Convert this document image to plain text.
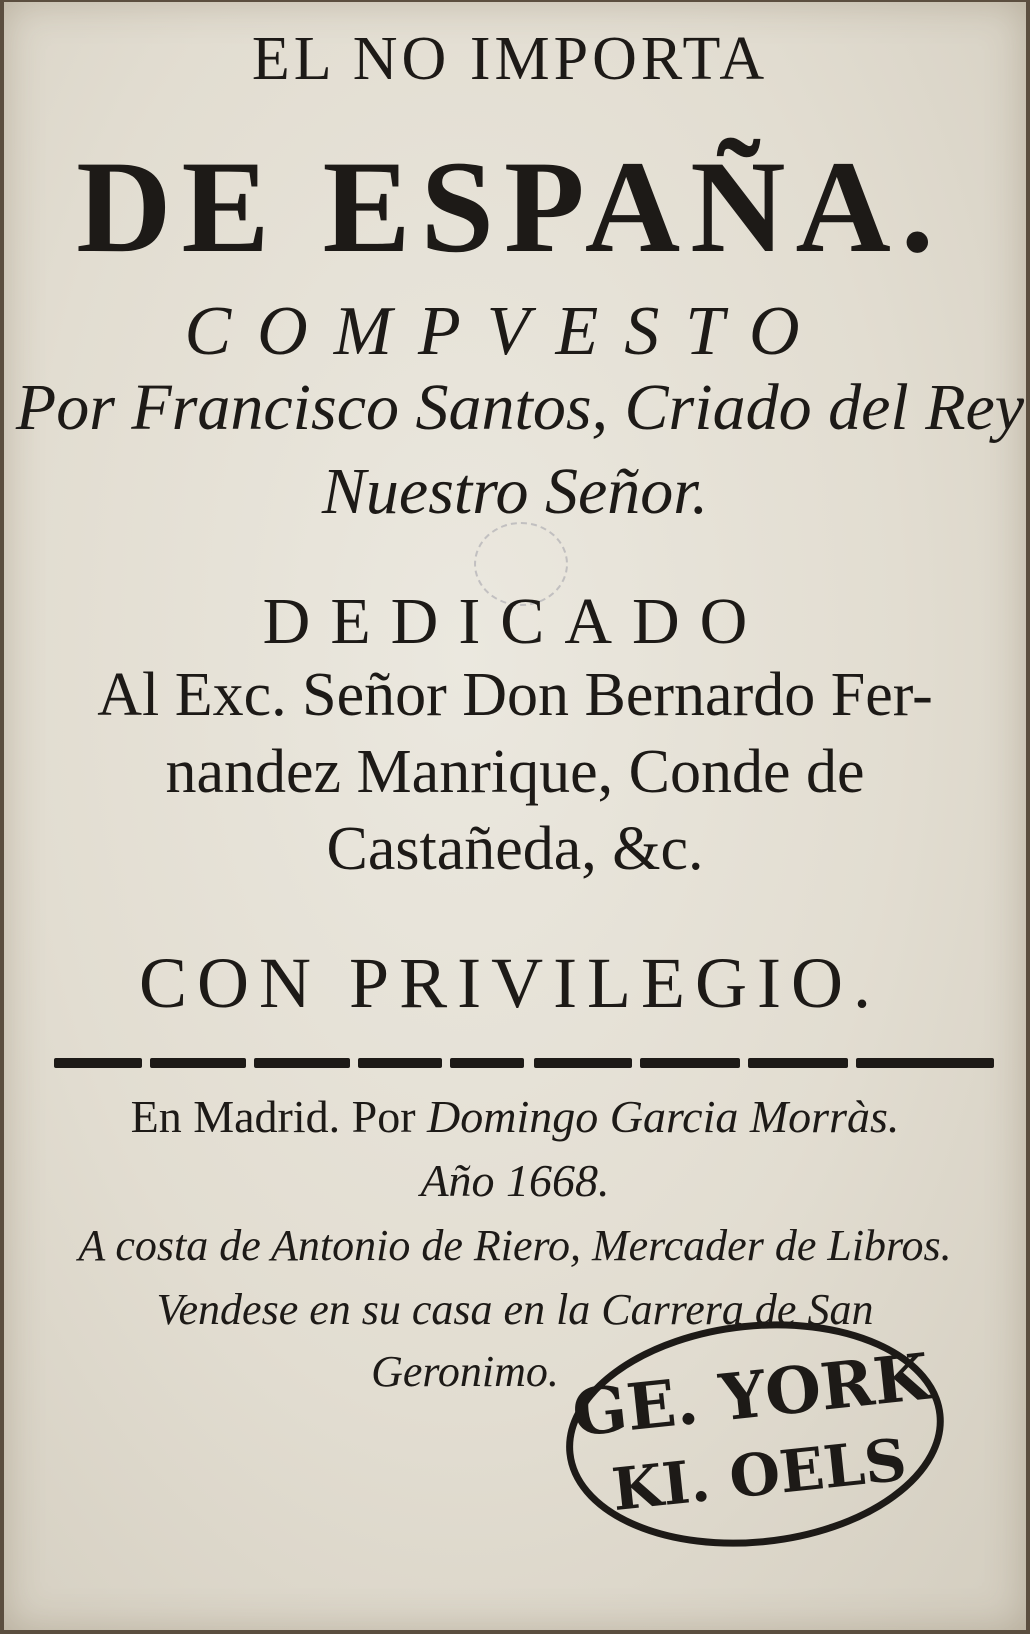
EL NO IMPORTA

DE ESPAÑA.

COMPVESTO

Por Francisco Santos, Criado del Rey

Nuestro Señor.

DEDICADO

Al Exc. Señor Don Bernardo Fer-

nandez Manrique, Conde de

Castañeda, &c.

CON PRIVILEGIO.

En Madrid. Por Domingo Garcia Morràs.

Año 1668.

A costa de Antonio de Riero, Mercader de Libros.

Vendese en su casa en la Carrera de San

Geronimo. GE. YORK
KI. OELS
